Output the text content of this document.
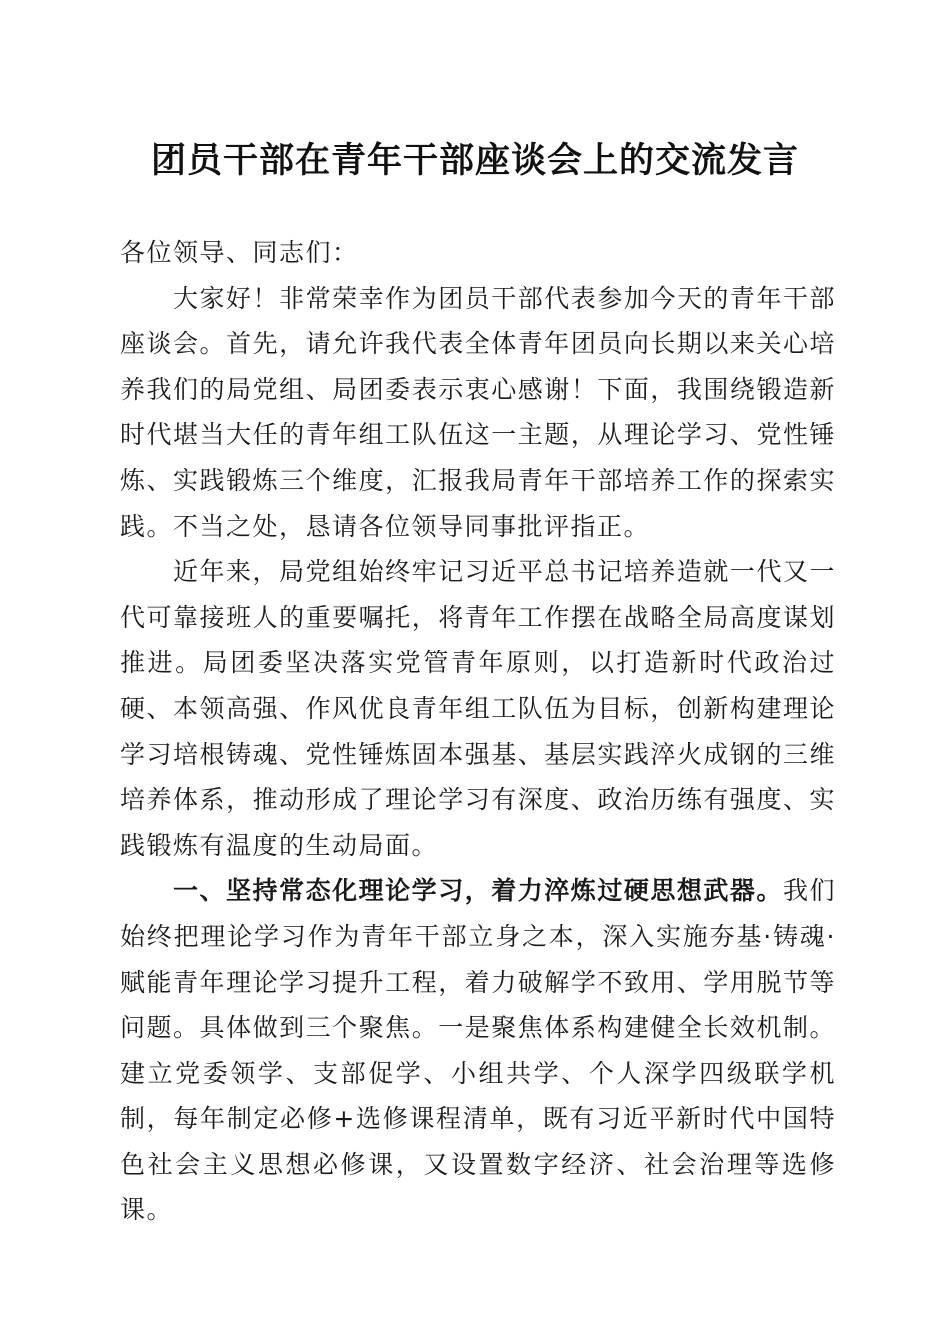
团员干部在青年干部座谈会上的交流发言

各位领导、同志们：

大家好！非常荣幸作为团员干部代表参加今天的青年干部座谈会。首先，请允许我代表全体青年团员向长期以来关心培养我们的局党组、局团委表示衷心感谢！下面，我围绕锻造新时代堪当大任的青年组工队伍这一主题，从理论学习、党性锤炼、实践锻炼三个维度，汇报我局青年干部培养工作的探索实践。不当之处，恳请各位领导同事批评指正。

近年来，局党组始终牢记习近平总书记培养造就一代又一代可靠接班人的重要嘱托，将青年工作摆在战略全局高度谋划推进。局团委坚决落实党管青年原则，以打造新时代政治过硬、本领高强、作风优良青年组工队伍为目标，创新构建理论学习培根铸魂、党性锤炼固本强基、基层实践淬火成钢的三维培养体系，推动形成了理论学习有深度、政治历练有强度、实践锻炼有温度的生动局面。

一、坚持常态化理论学习，着力淬炼过硬思想武器。我们始终把理论学习作为青年干部立身之本，深入实施夯基·铸魂·赋能青年理论学习提升工程，着力破解学不致用、学用脱节等问题。具体做到三个聚焦。一是聚焦体系构建健全长效机制。建立党委领学、支部促学、小组共学、个人深学四级联学机制，每年制定必修+选修课程清单，既有习近平新时代中国特色社会主义思想必修课，又设置数字经济、社会治理等选修课。
